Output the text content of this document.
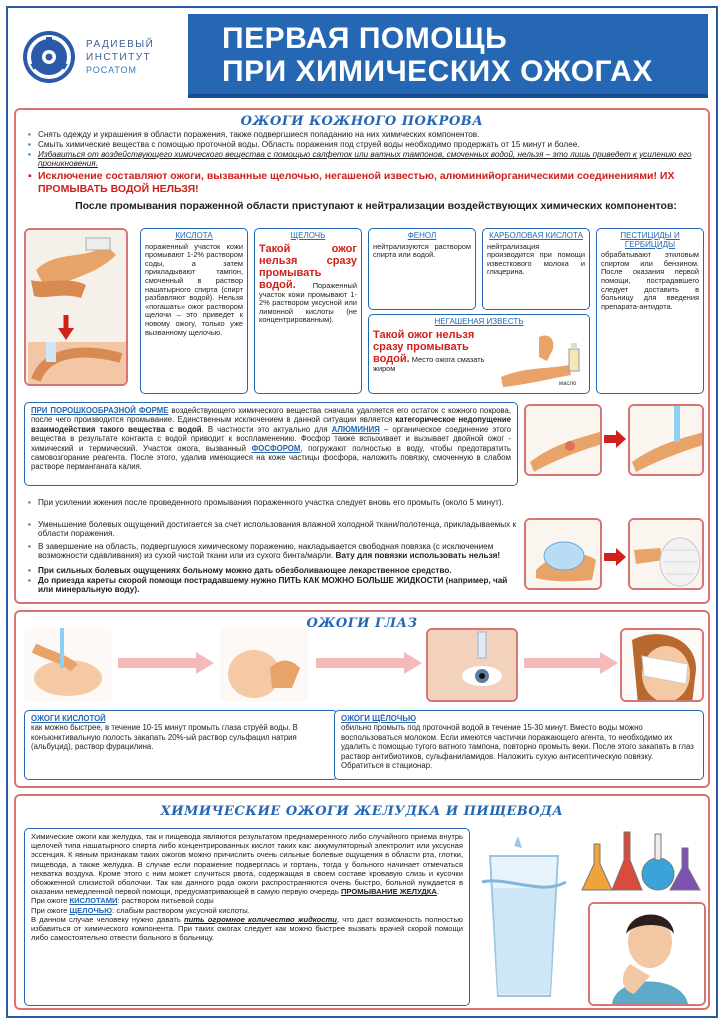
РАДИЕВЫЙ
ИНСТИТУТ
РОСАТОМ
ПЕРВАЯ ПОМОЩЬ
ПРИ ХИМИЧЕСКИХ ОЖОГАХ
ОЖОГИ КОЖНОГО ПОКРОВА
▪ Снять одежду и украшения в области поражения, также подвергшиеся попаданию на них химических компонентов.
▪ Смыть химические вещества с помощью проточной воды. Область поражения под струей воды необходимо продержать от 15 минут и более.
▪ Избавиться от воздействующего химического вещества с помощью салфеток или ватных тампонов, смоченных водой, нельзя – это лишь приведет к усилению его проникновения.
▪ Исключение составляют ожоги, вызванные щелочью, негашеной известью, алюминийорганическими соединениями! ИХ ПРОМЫВАТЬ ВОДОЙ НЕЛЬЗЯ!
После промывания пораженной области приступают к нейтрализации воздействующих химических компонентов:
КИСЛОТА
пораженный участок кожи промывают 1-2% раствором соды, а затем прикладывают тампон, смоченный в раствор нашатырного спирта (спирт разбавляют водой). Нельзя «погашать» ожог раствором щелочи – это приведет к новому ожогу, только уже вызванному щелочью.
ЩЕЛОЧЬ
Такой ожог нельзя сразу промывать водой. Пораженный участок кожи промывают 1-2% раствором уксусной или лимонной кислоты (не концентрированным).
ФЕНОЛ
нейтрализуются раствором спирта или водой.
КАРБОЛОВАЯ КИСЛОТА
нейтрализация производится при помощи известкового молока и глицерина.
ПЕСТИЦИДЫ И ГЕРБИЦИДЫ
обрабатывают этиловым спиртом или бензином. После оказания первой помощи, пострадавшего следует доставить в больницу для введения препарата-антидота.
НЕГАШЕНАЯ ИЗВЕСТЬ
Такой ожог нельзя сразу промывать водой. Место ожога смазать жиром
масло
ПРИ ПОРОШКООБРАЗНОЙ ФОРМЕ воздействующего химического вещества сначала удаляется его остаток с кожного покрова, после чего производится промывание. Единственным исключением в данной ситуации является категорическое недопущение взаимодействия такого вещества с водой. В частности это актуально для АЛЮМИНИЯ – органическое соединение этого вещества в результате контакта с водой приводит к воспламенению. Фосфор также вспыхивает и вызывает двойной ожог - химический и термический. Участок ожога, вызванный ФОСФОРОМ, погружают полностью в воду, чтобы предотвратить самовозгорание реагента. После этого, удалив имеющиеся на коже частицы фосфора, наложить повязку, смоченную в слабом растворе перманганата калия.
▪ При усилении жжения после проведенного промывания пораженного участка следует вновь его промыть (около 5 минут).
▪ Уменьшение болевых ощущений достигается за счет использования влажной холодной ткани/полотенца, прикладываемых к области поражения.
▪ В завершение на область, подвергшуюся химическому поражению, накладывается свободная повязка (с исключением возможности сдавливания) из сухой чистой ткани или из сухого бинта/марли. Вату для повязки использовать нельзя!
▪ При сильных болевых ощущениях больному можно дать обезболивающее лекарственное средство.
▪ До приезда кареты скорой помощи пострадавшему нужно ПИТЬ КАК МОЖНО БОЛЬШЕ ЖИДКОСТИ (например, чай или минеральную воду).
ОЖОГИ ГЛАЗ
ОЖОГИ КИСЛОТОЙ
как можно быстрее, в течение 10-15 минут промыть глаза струёй воды. В конъюнктивальную полость закапать 20%-ый раствор сульфацил натрия (альбуцид), раствор фурацилина.
ОЖОГИ ЩЁЛОЧЬЮ
обильно промыть под проточной водой в течение 15-30 минут. Вместо воды можно воспользоваться молоком. Если имеются частички поражающего агента, то необходимо их удалить с помощью тугого ватного тампона, повторно промыть веки. После этого закапать в глаз раствор антибиотиков, сульфаниламидов. Наложить сухую антисептическую повязку. Обратиться в стационар.
ХИМИЧЕСКИЕ ОЖОГИ ЖЕЛУДКА И ПИЩЕВОДА
Химические ожоги как желудка, так и пищевода являются результатом преднамеренного либо случайного приема внутрь щелочей типа нашатырного спирта либо концентрированных кислот таких как: аккумуляторный электролит или уксусная эссенция. К явным признакам таких ожогов можно причислить очень сильные болевые ощущения в области рта, глотки, пищевода, а также желудка. В случае если поражение подверглась и гортань, тогда у больного начинает отмечаться нехватка воздуха. Кроме этого с ним может случиться рвота, содержащая в своем составе кровавую слизь и кусочки обожженной слизистой оболочки. Так как данного рода ожоги распространяются очень быстро, больной нуждается в оказании немедленной первой помощи, предусматривающей в самую первую очередь ПРОМЫВАНИЕ ЖЕЛУДКА.
При ожоге КИСЛОТАМИ: раствором питьевой соды
При ожоге ЩЕЛОЧЬЮ: слабым раствором уксусной кислоты.
В данном случае человеку нужно давать пить огромное количество жидкости, что даст возможность полностью избавиться от химического компонента. При таких ожогах следует как можно быстрее вызвать врачей скорой помощи либо самостоятельно отвести больного в больницу.
